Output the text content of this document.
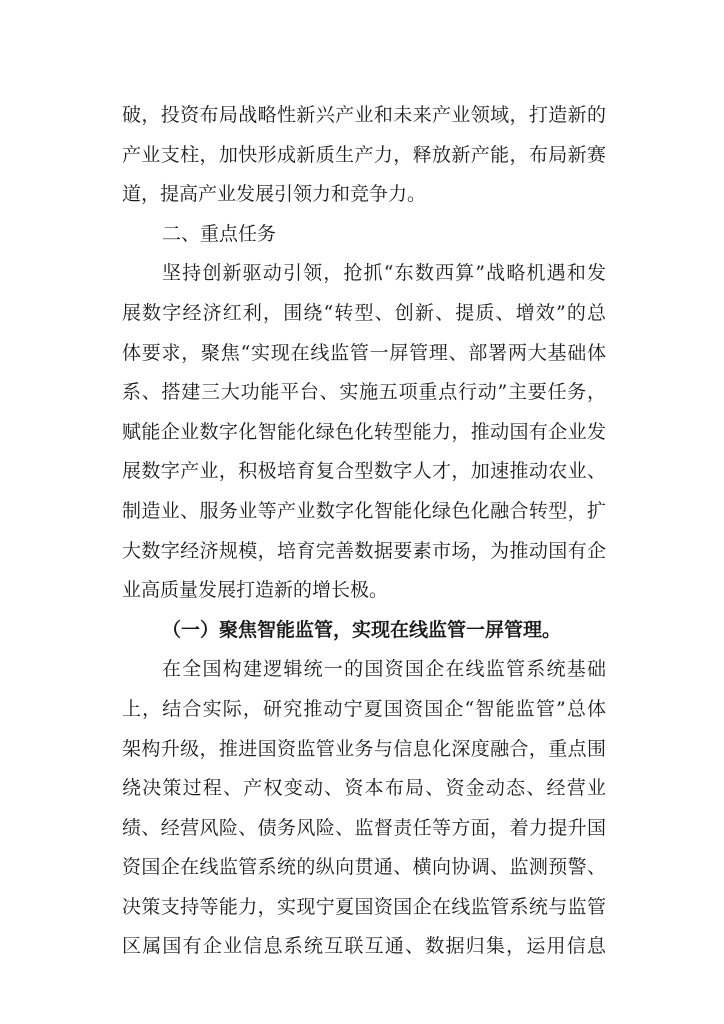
破，投资布局战略性新兴产业和未来产业领域，打造新的
产业支柱，加快形成新质生产力，释放新产能，布局新赛
道，提高产业发展引领力和竞争力。
二、重点任务
坚持创新驱动引领，抢抓“东数西算”战略机遇和发
展数字经济红利，围绕“转型、创新、提质、增效”的总
体要求，聚焦“实现在线监管一屏管理、部署两大基础体
系、搭建三大功能平台、实施五项重点行动”主要任务，
赋能企业数字化智能化绿色化转型能力，推动国有企业发
展数字产业，积极培育复合型数字人才，加速推动农业、
制造业、服务业等产业数字化智能化绿色化融合转型，扩
大数字经济规模，培育完善数据要素市场，为推动国有企
业高质量发展打造新的增长极。
（一）聚焦智能监管，实现在线监管一屏管理。
在全国构建逻辑统一的国资国企在线监管系统基础
上，结合实际，研究推动宁夏国资国企“智能监管”总体
架构升级，推进国资监管业务与信息化深度融合，重点围
绕决策过程、产权变动、资本布局、资金动态、经营业
绩、经营风险、债务风险、监督责任等方面，着力提升国
资国企在线监管系统的纵向贯通、横向协调、监测预警、
决策支持等能力，实现宁夏国资国企在线监管系统与监管
区属国有企业信息系统互联互通、数据归集，运用信息
